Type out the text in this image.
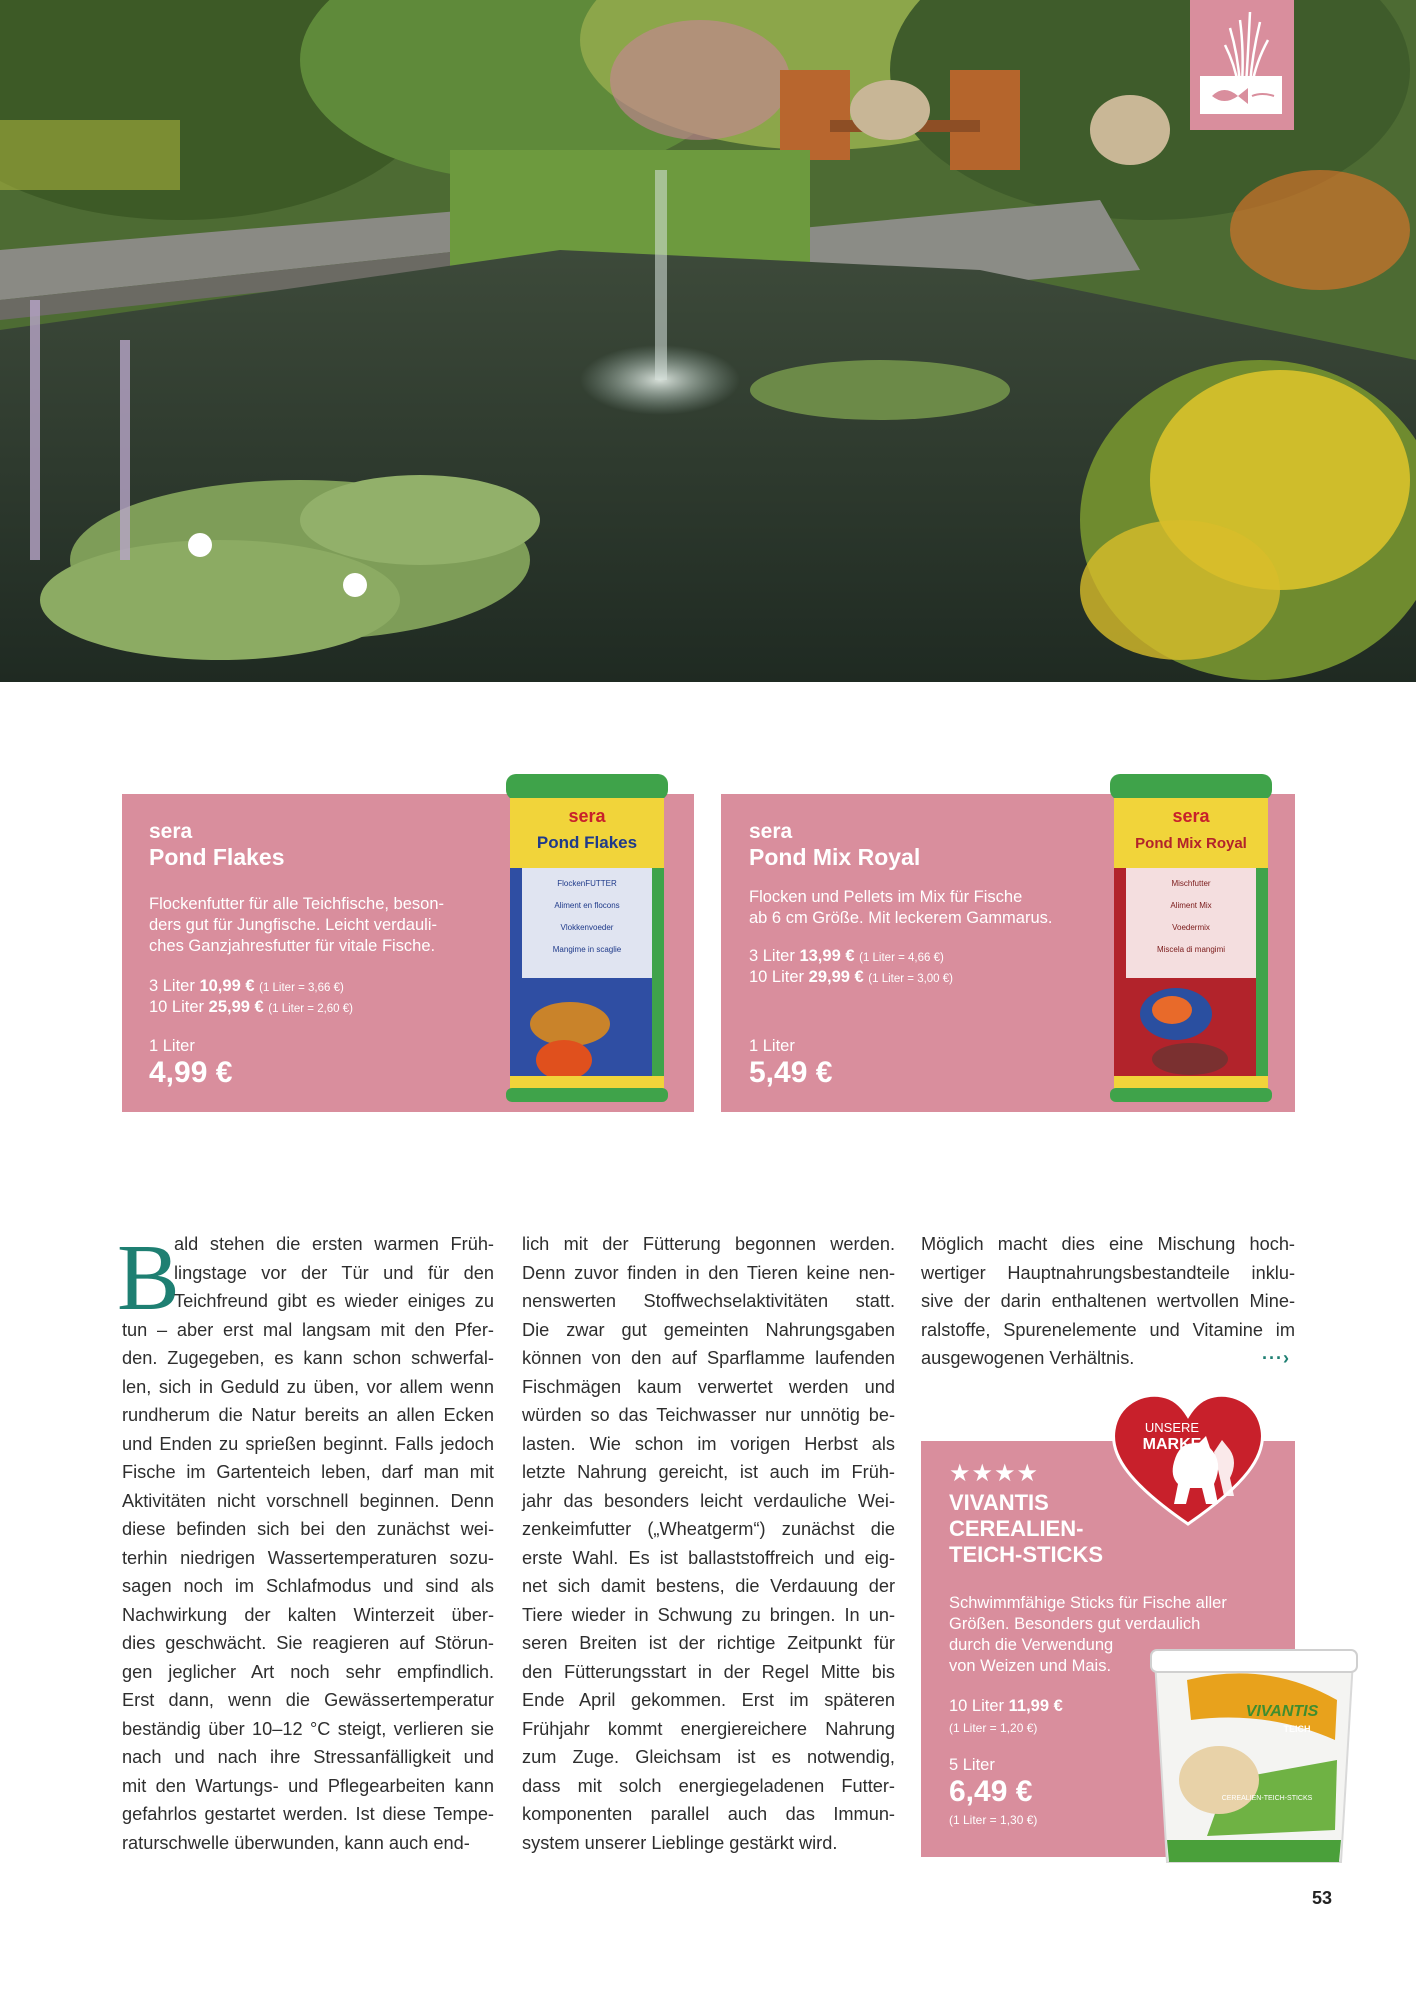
sera
Pond Flakes
Flockenfutter für alle Teichfische, beson-
ders gut für Jungfische. Leicht verdauli-
ches Ganzjahresfutter für vitale Fische.
3 Liter 10,99 € (1 Liter = 3,66 €)
10 Liter 25,99 € (1 Liter = 2,60 €)
1 Liter
4,99 €
sera
Pond Flakes
FlockenFUTTER
Aliment en flocons
Vlokkenvoeder
Mangime in scaglie
sera
Pond Mix Royal
Flocken und Pellets im Mix für Fische
ab 6 cm Größe. Mit leckerem Gammarus.
3 Liter 13,99 € (1 Liter = 4,66 €)
10 Liter 29,99 € (1 Liter = 3,00 €)
1 Liter
5,49 €
sera
Pond Mix Royal
Mischfutter
Aliment Mix
Voedermix
Miscela di mangimi
B
ald stehen die ersten warmen Früh-
lingstage vor der Tür und für den
Teichfreund gibt es wieder einiges zu
tun – aber erst mal langsam mit den Pfer-
den. Zugegeben, es kann schon schwerfal-
len, sich in Geduld zu üben, vor allem wenn
rundherum die Natur bereits an allen Ecken
und Enden zu sprießen beginnt. Falls jedoch
Fische im Gartenteich leben, darf man mit
Aktivitäten nicht vorschnell beginnen. Denn
diese befinden sich bei den zunächst wei-
terhin niedrigen Wassertemperaturen sozu-
sagen noch im Schlafmodus und sind als
Nachwirkung der kalten Winterzeit über-
dies geschwächt. Sie reagieren auf Störun-
gen jeglicher Art noch sehr empfindlich.
Erst dann, wenn die Gewässertemperatur
beständig über 10–12 °C steigt, verlieren sie
nach und nach ihre Stressanfälligkeit und
mit den Wartungs- und Pflegearbeiten kann
gefahrlos gestartet werden. Ist diese Tempe-
raturschwelle überwunden, kann auch end-
lich mit der Fütterung begonnen werden.
Denn zuvor finden in den Tieren keine nen-
nenswerten Stoffwechselaktivitäten statt.
Die zwar gut gemeinten Nahrungsgaben
können von den auf Sparflamme laufenden
Fischmägen kaum verwertet werden und
würden so das Teichwasser nur unnötig be-
lasten. Wie schon im vorigen Herbst als
letzte Nahrung gereicht, ist auch im Früh-
jahr das besonders leicht verdauliche Wei-
zenkeimfutter („Wheatgerm“) zunächst die
erste Wahl. Es ist ballaststoffreich und eig-
net sich damit bestens, die Verdauung der
Tiere wieder in Schwung zu bringen. In un-
seren Breiten ist der richtige Zeitpunkt für
den Fütterungsstart in der Regel Mitte bis
Ende April gekommen. Erst im späteren
Frühjahr kommt energiereichere Nahrung
zum Zuge. Gleichsam ist es notwendig,
dass mit solch energiegeladenen Futter-
komponenten parallel auch das Immun-
system unserer Lieblinge gestärkt wird.
Möglich macht dies eine Mischung hoch-
wertiger Hauptnahrungsbestandteile inklu-
sive der darin enthaltenen wertvollen Mine-
ralstoffe, Spurenelemente und Vitamine im
ausgewogenen Verhältnis.	···›
★★★★
VIVANTIS
CEREALIEN-
TEICH-STICKS
Schwimmfähige Sticks für Fische aller
Größen. Besonders gut verdaulich
durch die Verwendung
von Weizen und Mais.
10 Liter 11,99 €
(1 Liter = 1,20 €)
5 Liter
6,49 €
(1 Liter = 1,30 €)
UNSERE
MARKE
VIVANTIS
TEICH
CEREALIEN-TEICH-STICKS
53
